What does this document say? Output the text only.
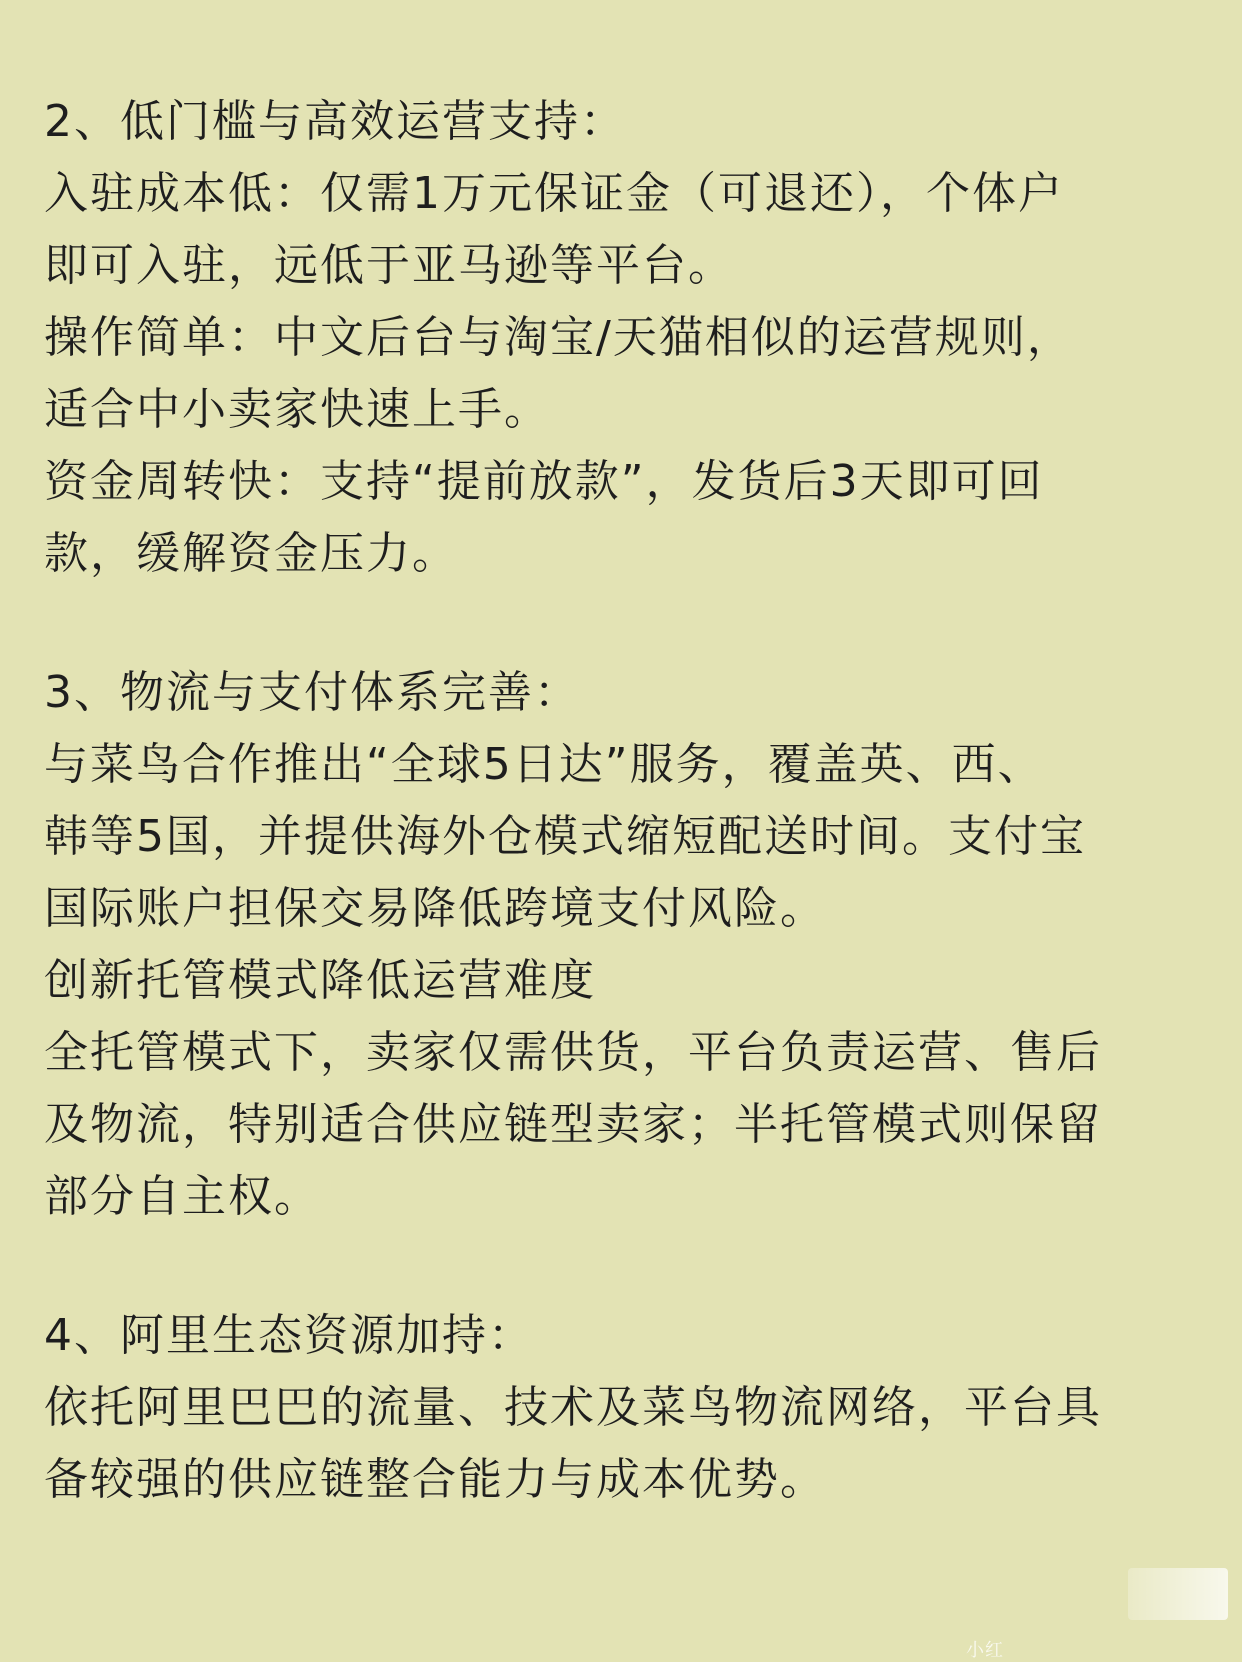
2、低门槛与高效运营支持：
入驻成本低：仅需1万元保证金（可退还），个体户
即可入驻，远低于亚马逊等平台。
操作简单：中文后台与淘宝/天猫相似的运营规则，
适合中小卖家快速上手。
资金周转快：支持“提前放款”，发货后3天即可回
款，缓解资金压力。
3、物流与支付体系完善：
与菜鸟合作推出“全球5日达”服务，覆盖英、西、
韩等5国，并提供海外仓模式缩短配送时间。支付宝
国际账户担保交易降低跨境支付风险。
创新托管模式降低运营难度
全托管模式下，卖家仅需供货，平台负责运营、售后
及物流，特别适合供应链型卖家；半托管模式则保留
部分自主权。
4、阿里生态资源加持：
依托阿里巴巴的流量、技术及菜鸟物流网络，平台具
备较强的供应链整合能力与成本优势。
小红
